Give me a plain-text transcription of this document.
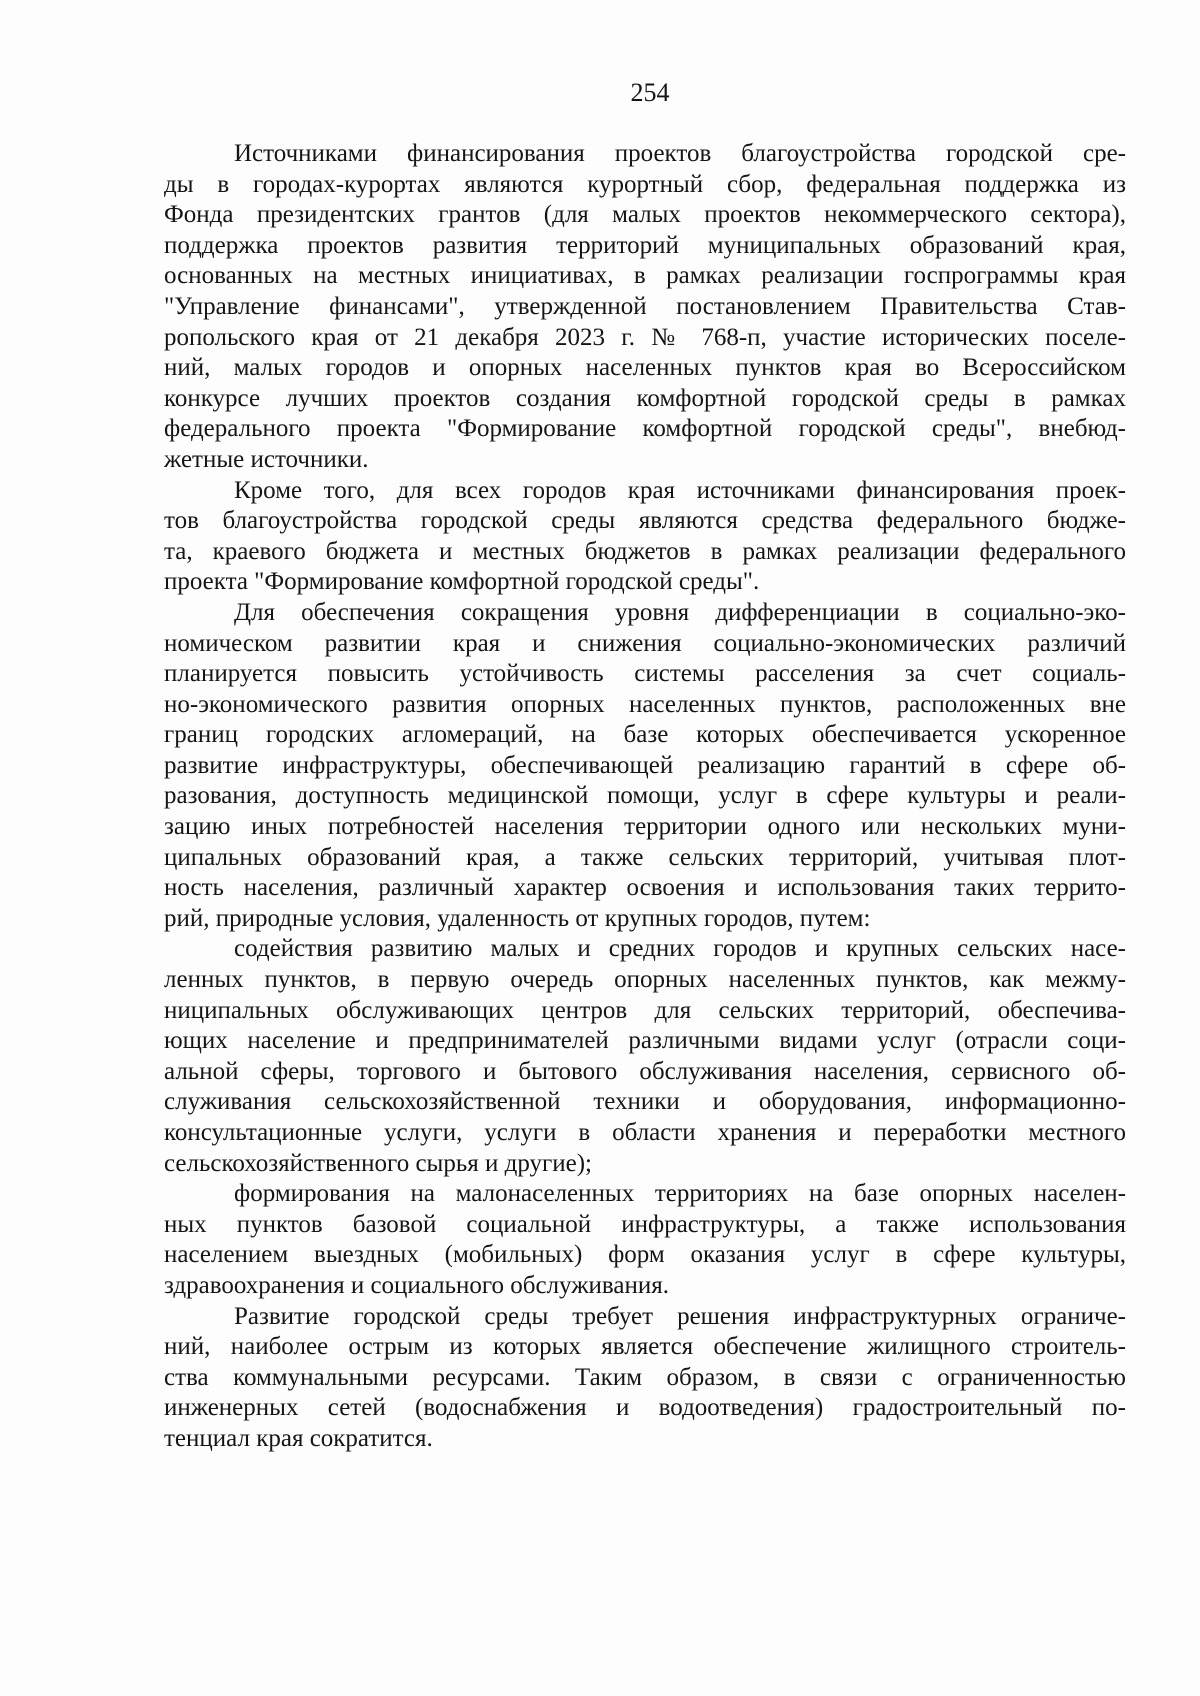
254
Источниками финансирования проектов благоустройства городской сре-
ды в городах-курортах являются курортный сбор, федеральная поддержка из
Фонда президентских грантов (для малых проектов некоммерческого сектора),
поддержка проектов развития территорий муниципальных образований края,
основанных на местных инициативах, в рамках реализации госпрограммы края
"Управление финансами", утвержденной постановлением Правительства Став-
ропольского края от 21 декабря 2023 г. № 768-п, участие исторических поселе-
ний, малых городов и опорных населенных пунктов края во Всероссийском
конкурсе лучших проектов создания комфортной городской среды в рамках
федерального проекта "Формирование комфортной городской среды", внебюд-
жетные источники.
Кроме того, для всех городов края источниками финансирования проек-
тов благоустройства городской среды являются средства федерального бюдже-
та, краевого бюджета и местных бюджетов в рамках реализации федерального
проекта "Формирование комфортной городской среды".
Для обеспечения сокращения уровня дифференциации в социально-эко-
номическом развитии края и снижения социально-экономических различий
планируется повысить устойчивость системы расселения за счет социаль-
но-экономического развития опорных населенных пунктов, расположенных вне
границ городских агломераций, на базе которых обеспечивается ускоренное
развитие инфраструктуры, обеспечивающей реализацию гарантий в сфере об-
разования, доступность медицинской помощи, услуг в сфере культуры и реали-
зацию иных потребностей населения территории одного или нескольких муни-
ципальных образований края, а также сельских территорий, учитывая плот-
ность населения, различный характер освоения и использования таких террито-
рий, природные условия, удаленность от крупных городов, путем:
содействия развитию малых и средних городов и крупных сельских насе-
ленных пунктов, в первую очередь опорных населенных пунктов, как межму-
ниципальных обслуживающих центров для сельских территорий, обеспечива-
ющих население и предпринимателей различными видами услуг (отрасли соци-
альной сферы, торгового и бытового обслуживания населения, сервисного об-
служивания сельскохозяйственной техники и оборудования, информационно-
консультационные услуги, услуги в области хранения и переработки местного
сельскохозяйственного сырья и другие);
формирования на малонаселенных территориях на базе опорных населен-
ных пунктов базовой социальной инфраструктуры, а также использования
населением выездных (мобильных) форм оказания услуг в сфере культуры,
здравоохранения и социального обслуживания.
Развитие городской среды требует решения инфраструктурных ограниче-
ний, наиболее острым из которых является обеспечение жилищного строитель-
ства коммунальными ресурсами. Таким образом, в связи с ограниченностью
инженерных сетей (водоснабжения и водоотведения) градостроительный по-
тенциал края сократится.
